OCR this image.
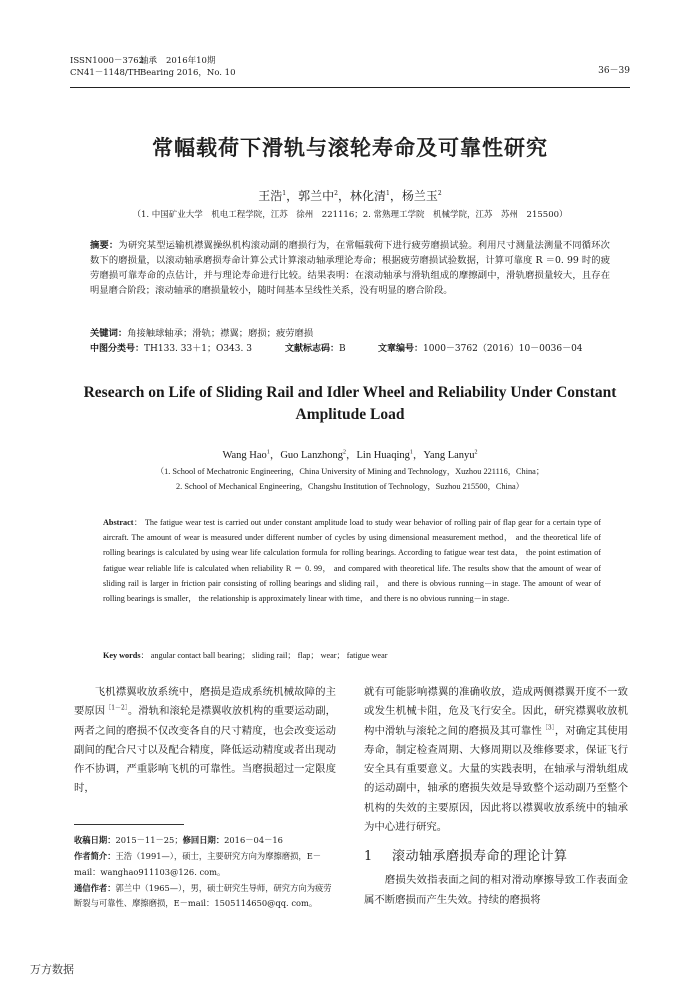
ISSN1000－3762
轴承	2016年10期
CN41－1148/TH Bearing 2016，No. 10	36－39
常幅载荷下滑轨与滚轮寿命及可靠性研究
王浩$^1$，郭兰中$^2$，林化清$^1$，杨兰玉$^2$
（1. 中国矿业大学　机电工程学院，江苏　徐州　221116；2. 常熟理工学院　机械学院，江苏　苏州　215500）
摘要：为研究某型运输机襟翼操纵机构滚动副的磨损行为，在常幅载荷下进行疲劳磨损试验。利用尺寸测量法测量不同循环次数下的磨损量，以滚动轴承磨损寿命计算公式计算滚动轴承理论寿命；根据疲劳磨损试验数据，计算可靠度 R ＝0. 99 时的疲劳磨损可靠寿命的点估计，并与理论寿命进行比较。结果表明：在滚动轴承与滑轨组成的摩擦副中，滑轨磨损量较大，且存在明显磨合阶段；滚动轴承的磨损量较小，随时间基本呈线性关系，没有明显的磨合阶段。
关键词：角接触球轴承；滑轨；襟翼；磨损；疲劳磨损
中图分类号：TH133. 33＋1；O343. 3	文献标志码：B	文章编号：1000－3762（2016）10－0036－04
Research on Life of Sliding Rail and Idler Wheel and Reliability Under Constant Amplitude Load
Wang Hao$^1$，Guo Lanzhong$^2$，Lin Huaqing$^1$，Yang Lanyu$^2$
（1. School of Mechatronic Engineering，China University of Mining and Technology，Xuzhou 221116，China；
2. School of Mechanical Engineering，Changshu Institution of Technology，Suzhou 215500，China）
Abstract： The fatigue wear test is carried out under constant amplitude load to study wear behavior of rolling pair of flap gear for a certain type of aircraft. The amount of wear is measured under different number of cycles by using dimensional measurement method， and the theoretical life of rolling bearings is calculated by using wear life calculation formula for rolling bearings. According to fatigue wear test data， the point estimation of fatigue wear reliable life is calculated when reliability R ＝ 0. 99， and compared with theoretical life. The results show that the amount of wear of sliding rail is larger in friction pair consisting of rolling bearings and sliding rail， and there is obvious running－in stage. The amount of wear of rolling bearings is smaller， the relationship is approximately linear with time， and there is no obvious running－in stage.
Key words： angular contact ball bearing； sliding rail； flap； wear； fatigue wear

飞机襟翼收放系统中，磨损是造成系统机械故障的主要原因$^{[1-2]}$。滑轨和滚轮是襟翼收放机构的重要运动副，两者之间的磨损不仅改变各自的尺寸精度，也会改变运动副间的配合尺寸以及配合精度，降低运动精度或者出现动作不协调，严重影响飞机的可靠性。当磨损超过一定限度时，

收稿日期：2015－11－25；修回日期：2016－04－16
作者简介：王浩（1991—），硕士，主要研究方向为摩擦磨损，E－mail：wanghao911103@126. com。
通信作者：郭兰中（1965—），男，硕士研究生导师，研究方向为疲劳断裂与可靠性、摩擦磨损，E－mail：1505114650@qq. com。

就有可能影响襟翼的准确收放，造成两侧襟翼开度不一致或发生机械卡阻，危及飞行安全。因此，研究襟翼收放机构中滑轨与滚轮之间的磨损及其可靠性$^{[3]}$，对确定其使用寿命，制定检查周期、大修周期以及维修要求，保证飞行安全具有重要意义。大量的实践表明，在轴承与滑轨组成的运动副中，轴承的磨损失效是导致整个运动副乃至整个机构的失效的主要原因，因此将以襟翼收放系统中的轴承为中心进行研究。

1	滚动轴承磨损寿命的理论计算

磨损失效指表面之间的相对滑动摩擦导致工作表面金属不断磨损而产生失效。持续的磨损将

万方数据
